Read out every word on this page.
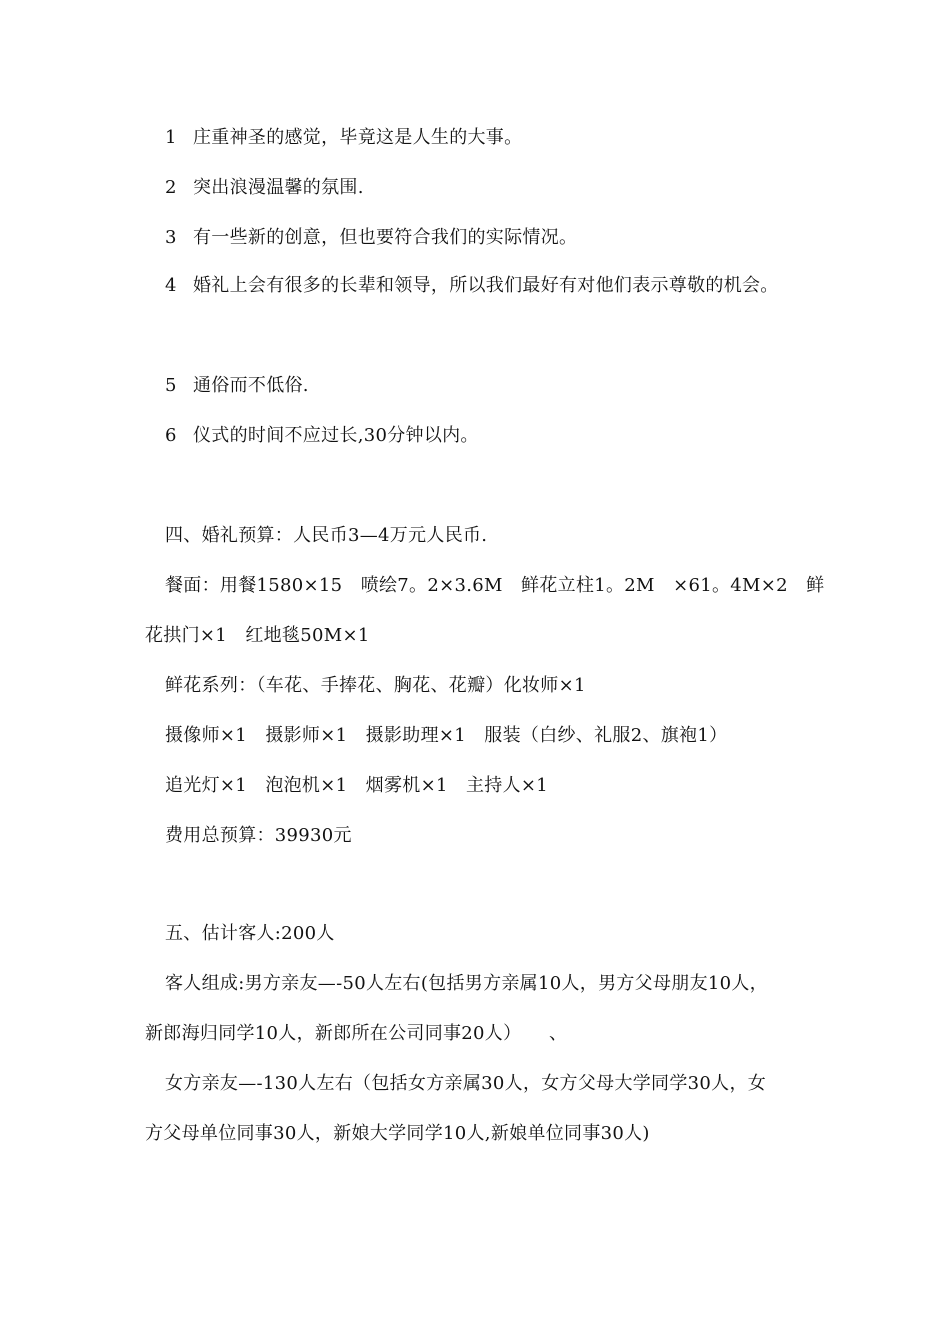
1 庄重神圣的感觉，毕竟这是人生的大事。
2 突出浪漫温馨的氛围.
3 有一些新的创意，但也要符合我们的实际情况。
4 婚礼上会有很多的长辈和领导，所以我们最好有对他们表示尊敬的机会。
5 通俗而不低俗.
6 仪式的时间不应过长,30分钟以内。
四、婚礼预算：人民币3—4万元人民币.
餐面：用餐1580×15　喷绘7。2×3.6M　鲜花立柱1。2M　×61。4M×2　鲜
花拱门×1　红地毯50M×1
鲜花系列：（车花、手捧花、胸花、花瓣）化妆师×1
摄像师×1　摄影师×1　摄影助理×1　服装（白纱、礼服2、旗袍1）
追光灯×1　泡泡机×1　烟雾机×1　主持人×1
费用总预算：39930元
五、估计客人:200人
客人组成:男方亲友—-50人左右(包括男方亲属10人，男方父母朋友10人，
新郎海归同学10人，新郎所在公司同事20人）　　、
女方亲友—-130人左右（包括女方亲属30人，女方父母大学同学30人，女
方父母单位同事30人，新娘大学同学10人,新娘单位同事30人)
